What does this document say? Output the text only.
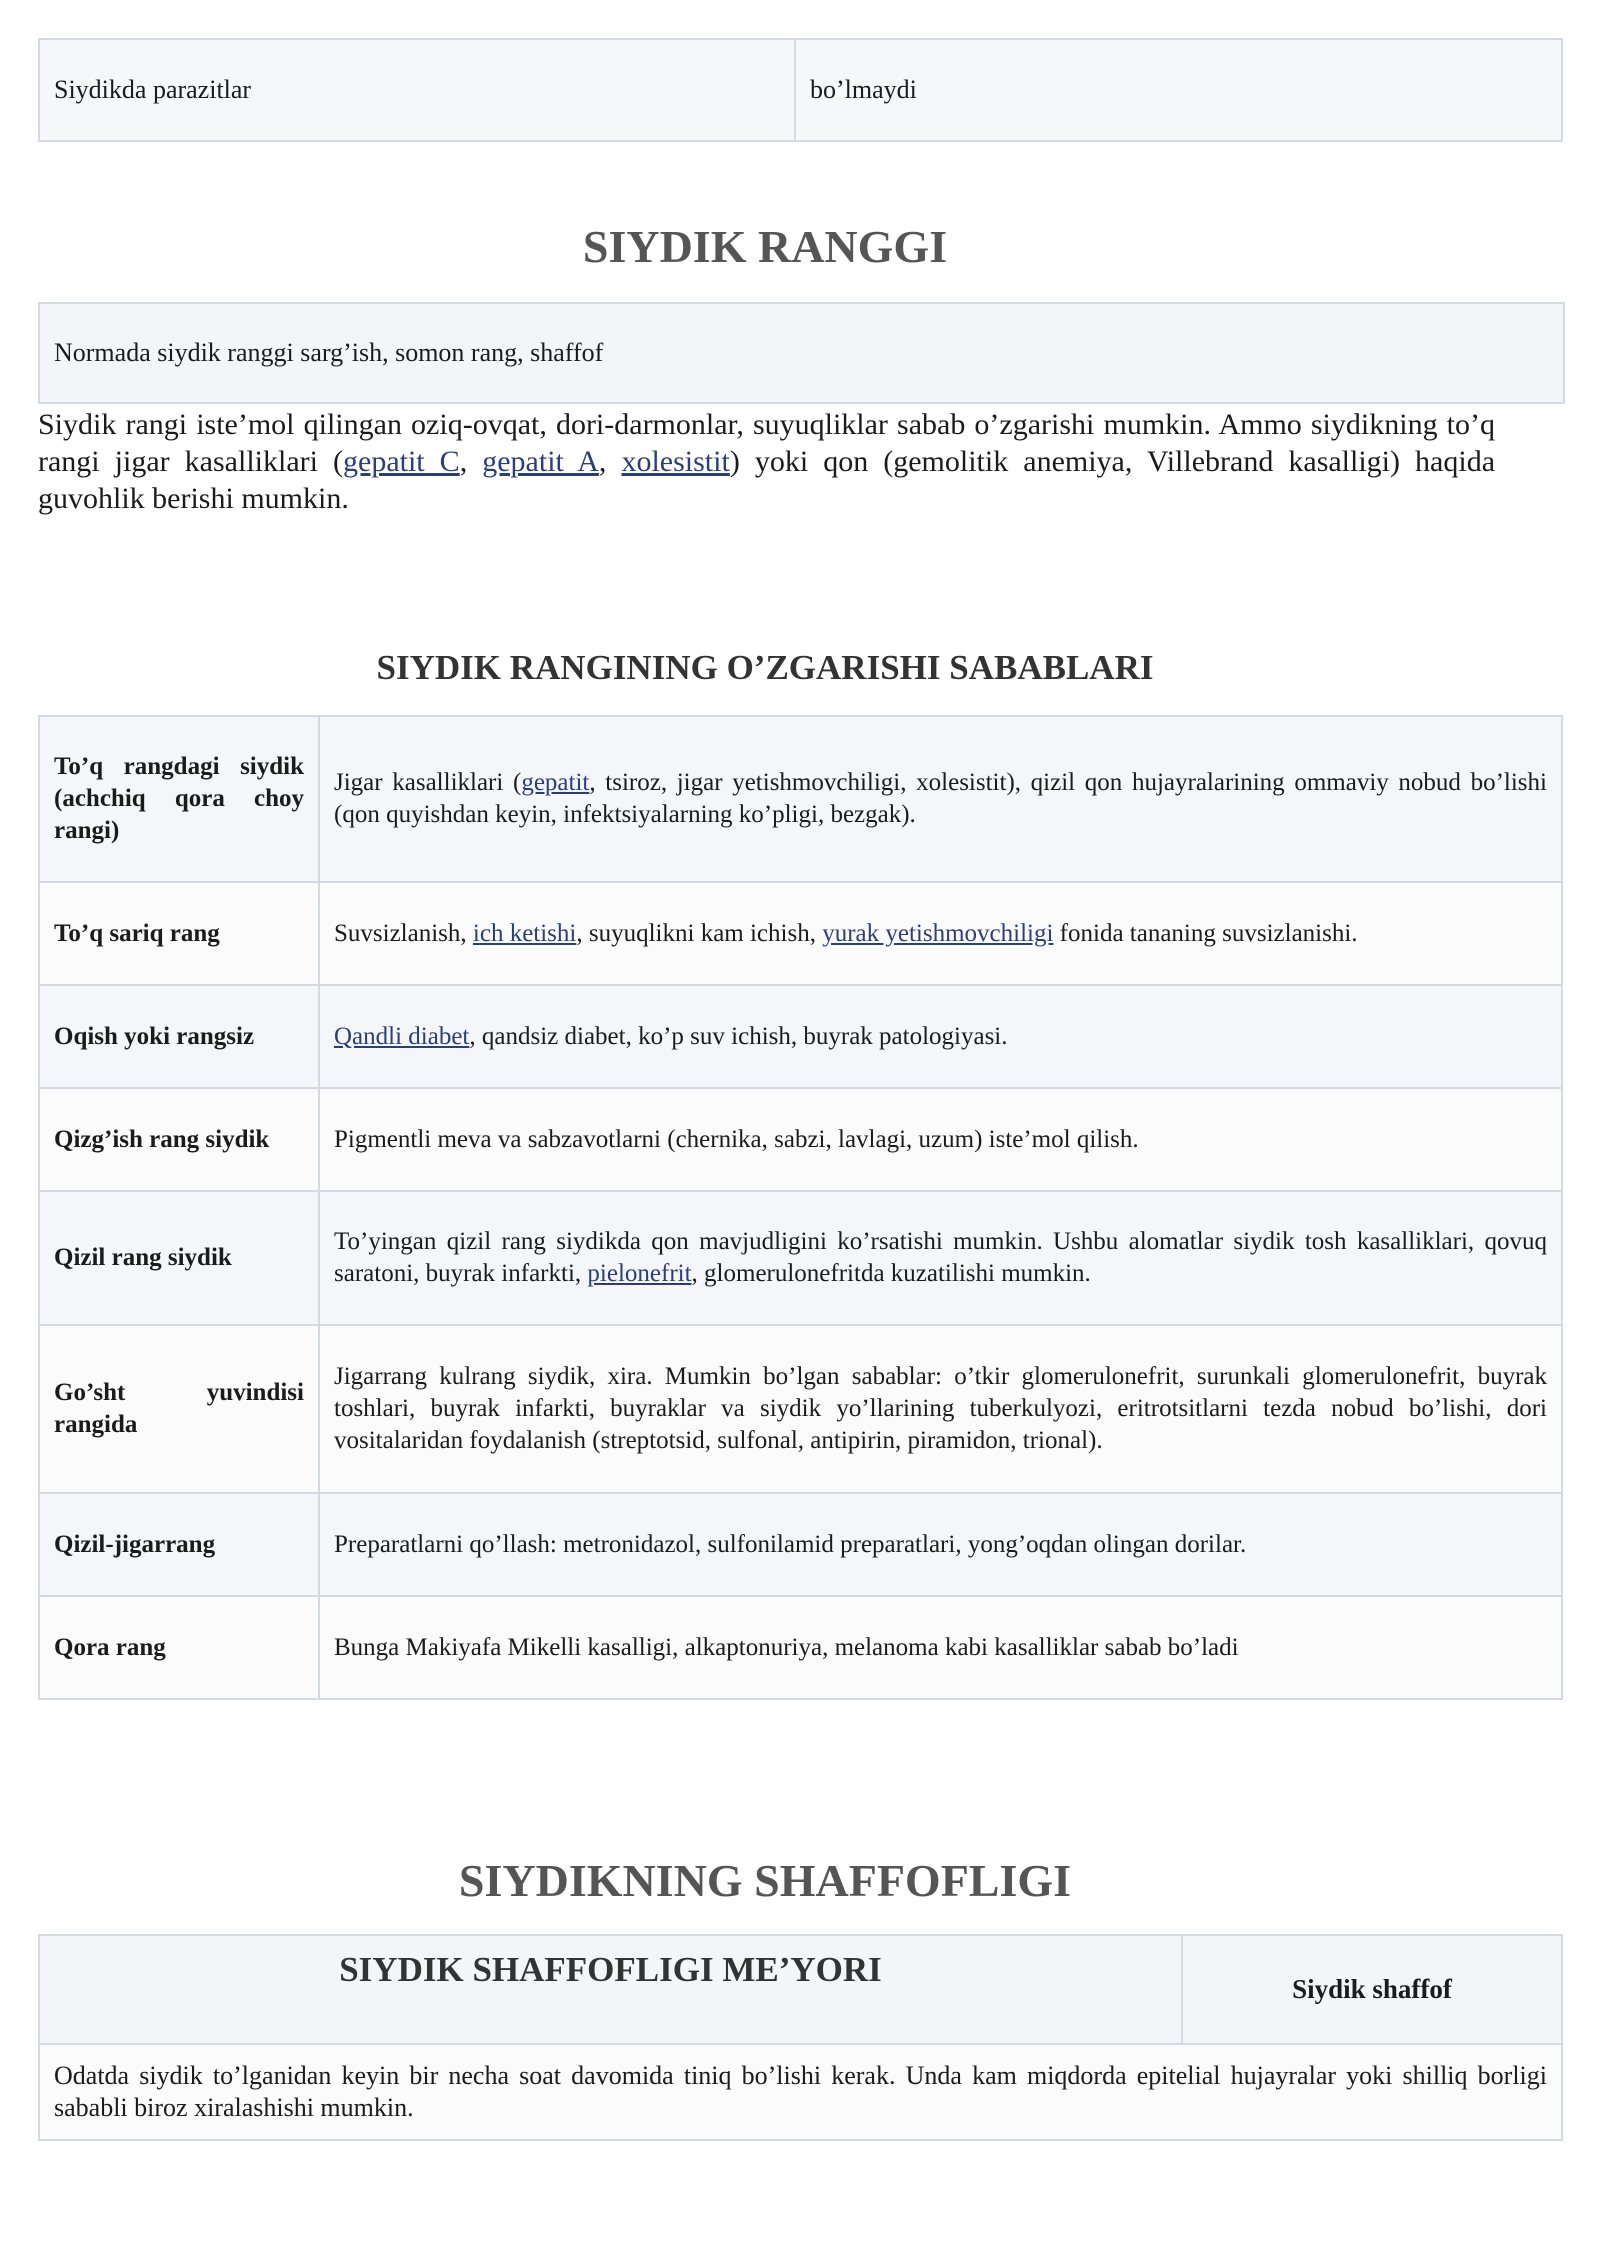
Siydikda parazitlar	bo’lmaydi
SIYDIK RANGGI
Normada siydik ranggi sarg’ish, somon rang, shaffof

Siydik rangi iste’mol qilingan oziq-ovqat, dori-darmonlar, suyuqliklar sabab o’zgarishi mumkin. Ammo siydikning to’q rangi jigar kasalliklari (gepatit C, gepatit A, xolesistit) yoki qon (gemolitik anemiya, Villebrand kasalligi) haqida guvohlik berishi mumkin.

SIYDIK RANGINING O’ZGARISHI SABABLARI
To’q rangdagi siydik (achchiq qora choy rangi)	Jigar kasalliklari (gepatit, tsiroz, jigar yetishmovchiligi, xolesistit), qizil qon hujayralarining ommaviy nobud bo’lishi (qon quyishdan keyin, infektsiyalarning ko’pligi, bezgak).
To’q sariq rang	Suvsizlanish, ich ketishi, suyuqlikni kam ichish, yurak yetishmovchiligi fonida tananing suvsizlanishi.
Oqish yoki rangsiz	Qandli diabet, qandsiz diabet, ko’p suv ichish, buyrak patologiyasi.
Qizg’ish rang siydik	Pigmentli meva va sabzavotlarni (chernika, sabzi, lavlagi, uzum) iste’mol qilish.
Qizil rang siydik	To’yingan qizil rang siydikda qon mavjudligini ko’rsatishi mumkin. Ushbu alomatlar siydik tosh kasalliklari, qovuq saratoni, buyrak infarkti, pielonefrit, glomerulonefritda kuzatilishi mumkin.
Go’sht yuvindisi rangida	Jigarrang kulrang siydik, xira. Mumkin bo’lgan sabablar: o’tkir glomerulonefrit, surunkali glomerulonefrit, buyrak toshlari, buyrak infarkti, buyraklar va siydik yo’llarining tuberkulyozi, eritrotsitlarni tezda nobud bo’lishi, dori vositalaridan foydalanish (streptotsid, sulfonal, antipirin, piramidon, trional).
Qizil-jigarrang	Preparatlarni qo’llash: metronidazol, sulfonilamid preparatlari, yong’oqdan olingan dorilar.
Qora rang	Bunga Makiyafa Mikelli kasalligi, alkaptonuriya, melanoma kabi kasalliklar sabab bo’ladi
SIYDIKNING SHAFFOFLIGI
SIYDIK SHAFFOFLIGI ME’YORI	Siydik shaffof
Odatda siydik to’lganidan keyin bir necha soat davomida tiniq bo’lishi kerak. Unda kam miqdorda epitelial hujayralar yoki shilliq borligi sababli biroz xiralashishi mumkin.
